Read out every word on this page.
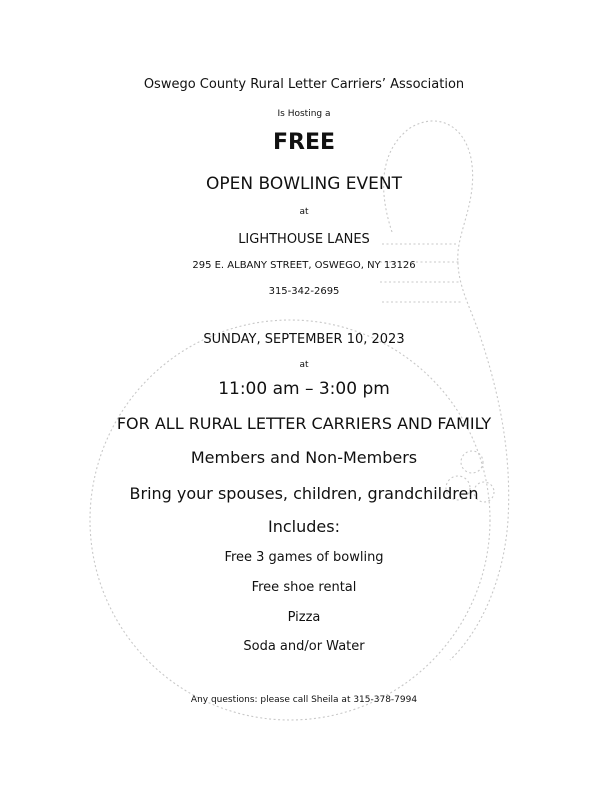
Oswego County Rural Letter Carriers’ Association
Is Hosting a
FREE
OPEN BOWLING EVENT
at
LIGHTHOUSE LANES
295 E. ALBANY STREET, OSWEGO, NY 13126
315-342-2695
SUNDAY, SEPTEMBER 10, 2023
at
11:00 am – 3:00 pm
FOR ALL RURAL LETTER CARRIERS AND FAMILY
Members and Non-Members
Bring your spouses, children, grandchildren
Includes:
Free 3 games of bowling
Free shoe rental
Pizza
Soda and/or Water
Any questions: please call Sheila at 315-378-7994
